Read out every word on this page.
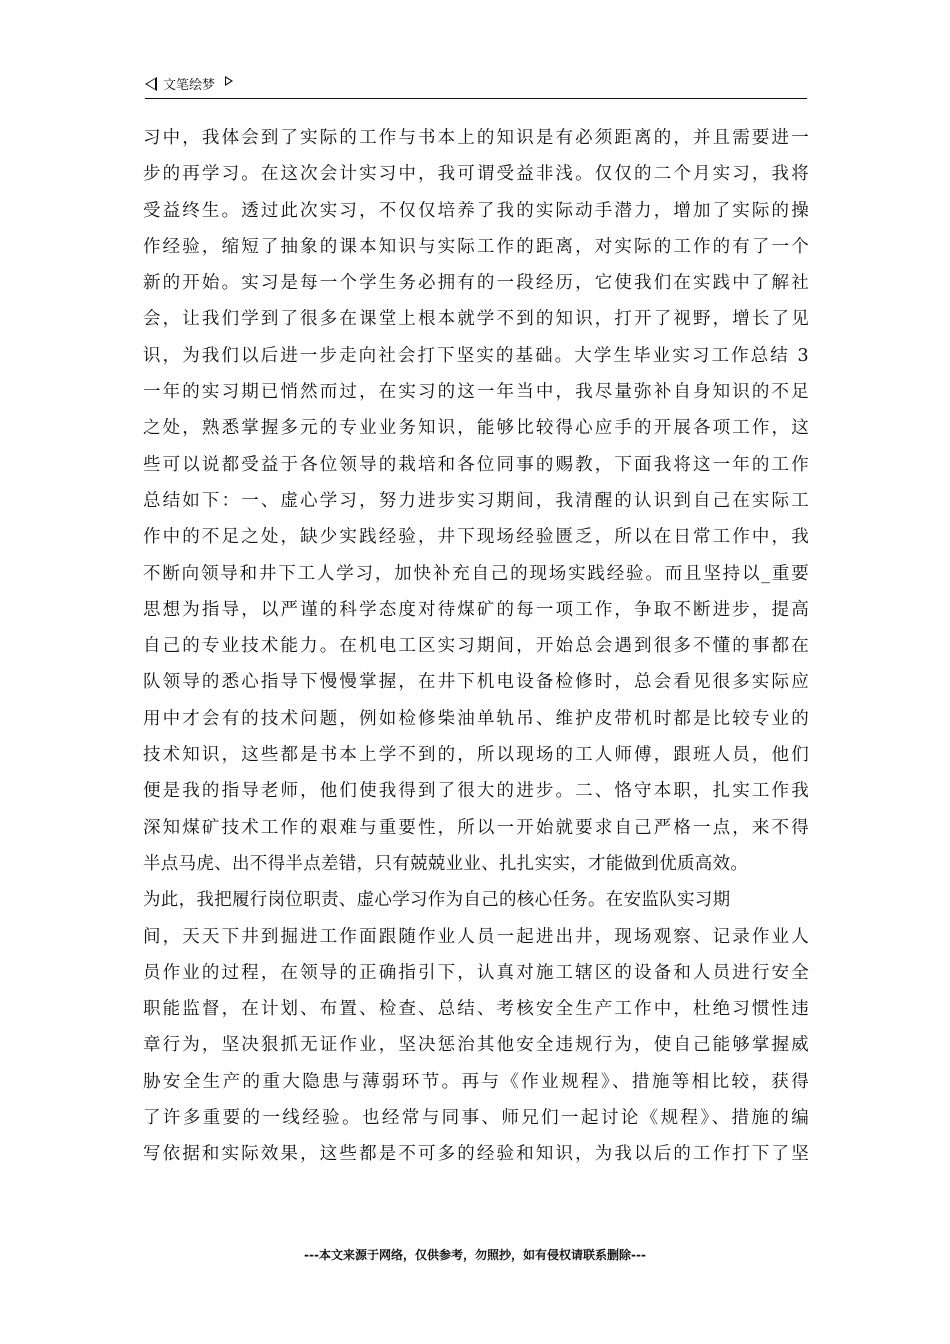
文笔绘梦
习中，我体会到了实际的工作与书本上的知识是有必须距离的，并且需要进一
步的再学习。在这次会计实习中，我可谓受益非浅。仅仅的二个月实习，我将
受益终生。透过此次实习，不仅仅培养了我的实际动手潜力，增加了实际的操
作经验，缩短了抽象的课本知识与实际工作的距离，对实际的工作的有了一个
新的开始。实习是每一个学生务必拥有的一段经历，它使我们在实践中了解社
会，让我们学到了很多在课堂上根本就学不到的知识，打开了视野，增长了见
识，为我们以后进一步走向社会打下坚实的基础。大学生毕业实习工作总结 3
一年的实习期已悄然而过，在实习的这一年当中，我尽量弥补自身知识的不足
之处，熟悉掌握多元的专业业务知识，能够比较得心应手的开展各项工作，这
些可以说都受益于各位领导的栽培和各位同事的赐教，下面我将这一年的工作
总结如下：一、虚心学习，努力进步实习期间，我清醒的认识到自己在实际工
作中的不足之处，缺少实践经验，井下现场经验匮乏，所以在日常工作中，我
不断向领导和井下工人学习，加快补充自己的现场实践经验。而且坚持以_重要
思想为指导，以严谨的科学态度对待煤矿的每一项工作，争取不断进步，提高
自己的专业技术能力。在机电工区实习期间，开始总会遇到很多不懂的事都在
队领导的悉心指导下慢慢掌握，在井下机电设备检修时，总会看见很多实际应
用中才会有的技术问题，例如检修柴油单轨吊、维护皮带机时都是比较专业的
技术知识，这些都是书本上学不到的，所以现场的工人师傅，跟班人员，他们
便是我的指导老师，他们使我得到了很大的进步。二、恪守本职，扎实工作我
深知煤矿技术工作的艰难与重要性，所以一开始就要求自己严格一点，来不得
半点马虎、出不得半点差错，只有兢兢业业、扎扎实实，才能做到优质高效。
为此，我把履行岗位职责、虚心学习作为自己的核心任务。在安监队实习期
间，天天下井到掘进工作面跟随作业人员一起进出井，现场观察、记录作业人
员作业的过程，在领导的正确指引下，认真对施工辖区的设备和人员进行安全
职能监督，在计划、布置、检查、总结、考核安全生产工作中，杜绝习惯性违
章行为，坚决狠抓无证作业，坚决惩治其他安全违规行为，使自己能够掌握威
胁安全生产的重大隐患与薄弱环节。再与《作业规程》、措施等相比较，获得
了许多重要的一线经验。也经常与同事、师兄们一起讨论《规程》、措施的编
写依据和实际效果，这些都是不可多的经验和知识，为我以后的工作打下了坚
---本文来源于网络，仅供参考，勿照抄，如有侵权请联系删除---
